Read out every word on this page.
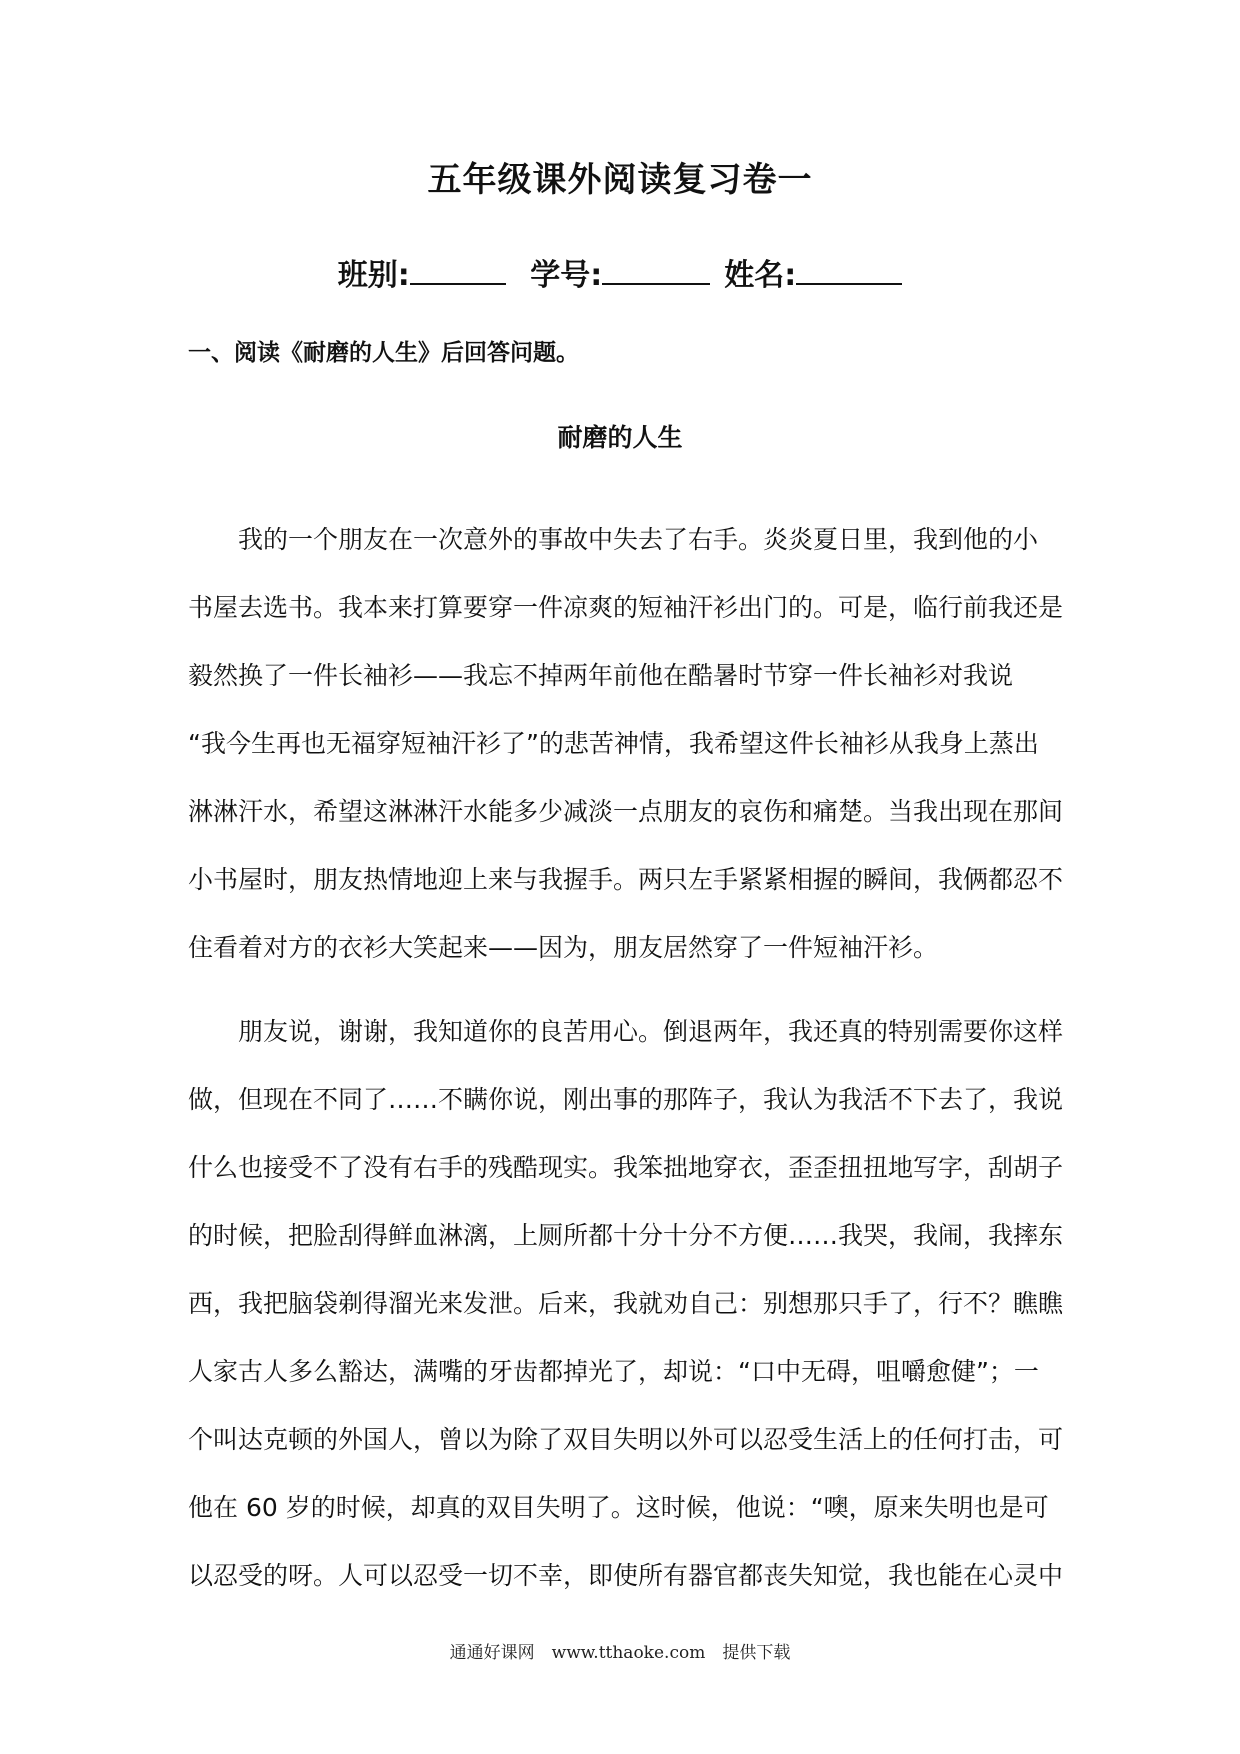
五年级课外阅读复习卷一
班别:	学号:	姓名:
一、阅读《耐磨的人生》后回答问题。
耐磨的人生
　　我的一个朋友在一次意外的事故中失去了右手。炎炎夏日里，我到他的小
书屋去选书。我本来打算要穿一件凉爽的短袖汗衫出门的。可是，临行前我还是
毅然换了一件长袖衫——我忘不掉两年前他在酷暑时节穿一件长袖衫对我说
“我今生再也无福穿短袖汗衫了”的悲苦神情，我希望这件长袖衫从我身上蒸出
淋淋汗水，希望这淋淋汗水能多少减淡一点朋友的哀伤和痛楚。当我出现在那间
小书屋时，朋友热情地迎上来与我握手。两只左手紧紧相握的瞬间，我俩都忍不
住看着对方的衣衫大笑起来——因为，朋友居然穿了一件短袖汗衫。
　　朋友说，谢谢，我知道你的良苦用心。倒退两年，我还真的特别需要你这样
做，但现在不同了……不瞒你说，刚出事的那阵子，我认为我活不下去了，我说
什么也接受不了没有右手的残酷现实。我笨拙地穿衣，歪歪扭扭地写字，刮胡子
的时候，把脸刮得鲜血淋漓，上厕所都十分十分不方便……我哭，我闹，我摔东
西，我把脑袋剃得溜光来发泄。后来，我就劝自己：别想那只手了，行不？瞧瞧
人家古人多么豁达，满嘴的牙齿都掉光了，却说：“口中无碍，咀嚼愈健”；一
个叫达克顿的外国人，曾以为除了双目失明以外可以忍受生活上的任何打击，可
他在 60 岁的时候，却真的双目失明了。这时候，他说：“噢，原来失明也是可
以忍受的呀。人可以忍受一切不幸，即使所有器官都丧失知觉，我也能在心灵中
通通好课网　www.tthaoke.com　提供下载
